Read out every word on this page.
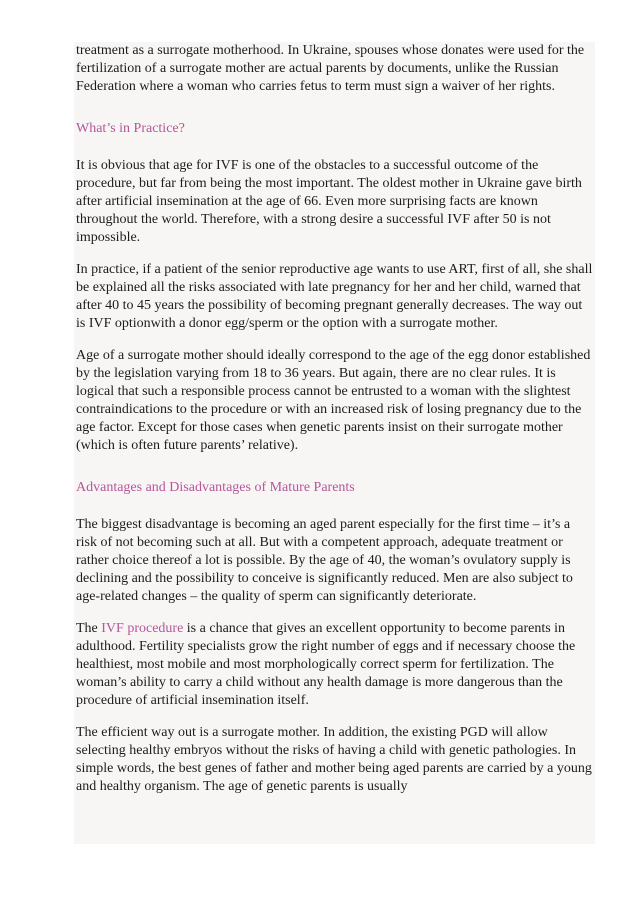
treatment as a surrogate motherhood. In Ukraine, spouses whose donates were used for the fertilization of a surrogate mother are actual parents by documents, unlike the Russian Federation where a woman who carries fetus to term must sign a waiver of her rights.

What’s in Practice?

It is obvious that age for IVF is one of the obstacles to a successful outcome of the procedure, but far from being the most important. The oldest mother in Ukraine gave birth after artificial insemination at the age of 66. Even more surprising facts are known throughout the world. Therefore, with a strong desire a successful IVF after 50 is not impossible.

In practice, if a patient of the senior reproductive age wants to use ART, first of all, she shall be explained all the risks associated with late pregnancy for her and her child, warned that after 40 to 45 years the possibility of becoming pregnant generally decreases. The way out is IVF optionwith a donor egg/sperm or the option with a surrogate mother.

Age of a surrogate mother should ideally correspond to the age of the egg donor established by the legislation varying from 18 to 36 years. But again, there are no clear rules. It is logical that such a responsible process cannot be entrusted to a woman with the slightest contraindications to the procedure or with an increased risk of losing pregnancy due to the age factor. Except for those cases when genetic parents insist on their surrogate mother (which is often future parents’ relative).

Advantages and Disadvantages of Mature Parents

The biggest disadvantage is becoming an aged parent especially for the first time – it’s a risk of not becoming such at all. But with a competent approach, adequate treatment or rather choice thereof a lot is possible. By the age of 40, the woman’s ovulatory supply is declining and the possibility to conceive is significantly reduced. Men are also subject to age-related changes – the quality of sperm can significantly deteriorate.

The IVF procedure is a chance that gives an excellent opportunity to become parents in adulthood. Fertility specialists grow the right number of eggs and if necessary choose the healthiest, most mobile and most morphologically correct sperm for fertilization. The woman’s ability to carry a child without any health damage is more dangerous than the procedure of artificial insemination itself.

The efficient way out is a surrogate mother. In addition, the existing PGD will allow selecting healthy embryos without the risks of having a child with genetic pathologies. In simple words, the best genes of father and mother being aged parents are carried by a young and healthy organism. The age of genetic parents is usually
